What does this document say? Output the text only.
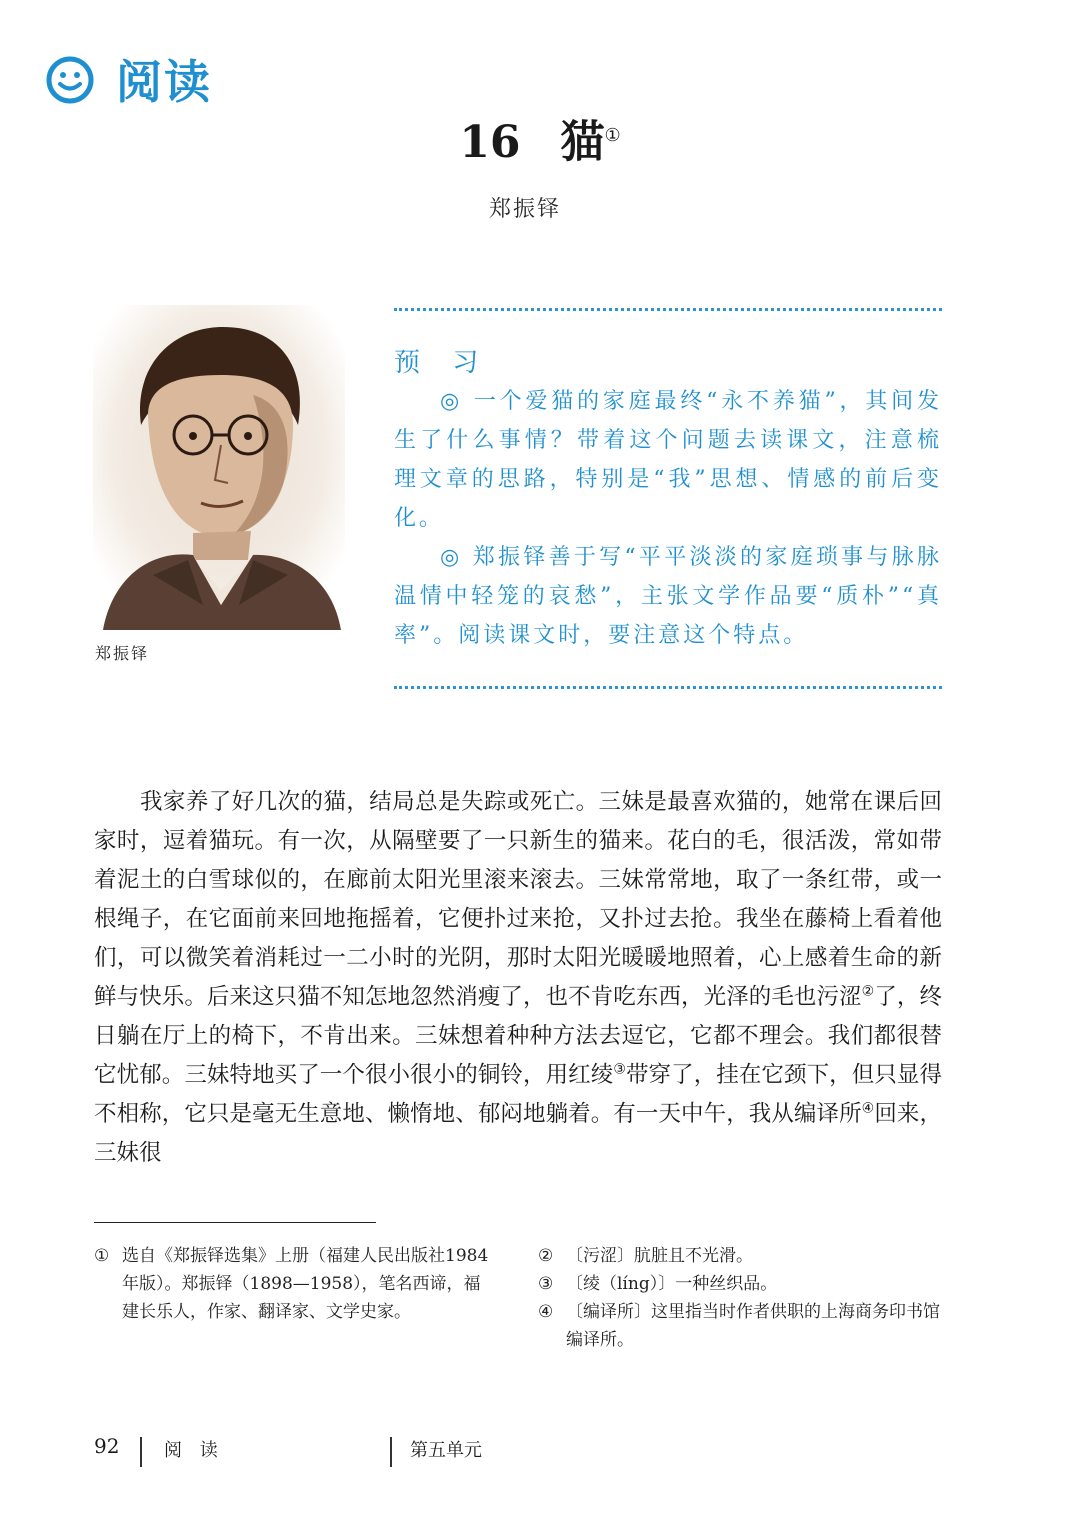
阅读
16 猫①
郑振铎
郑振铎
预 习

◎ 一个爱猫的家庭最终“永不养猫”，其间发生了什么事情？带着这个问题去读课文，注意梳理文章的思路，特别是“我”思想、情感的前后变化。

◎ 郑振铎善于写“平平淡淡的家庭琐事与脉脉温情中轻笼的哀愁”，主张文学作品要“质朴”“真率”。阅读课文时，要注意这个特点。

我家养了好几次的猫，结局总是失踪或死亡。三妹是最喜欢猫的，她常在课后回家时，逗着猫玩。有一次，从隔壁要了一只新生的猫来。花白的毛，很活泼，常如带着泥土的白雪球似的，在廊前太阳光里滚来滚去。三妹常常地，取了一条红带，或一根绳子，在它面前来回地拖摇着，它便扑过来抢，又扑过去抢。我坐在藤椅上看着他们，可以微笑着消耗过一二小时的光阴，那时太阳光暖暖地照着，心上感着生命的新鲜与快乐。后来这只猫不知怎地忽然消瘦了，也不肯吃东西，光泽的毛也污涩②了，终日躺在厅上的椅下，不肯出来。三妹想着种种方法去逗它，它都不理会。我们都很替它忧郁。三妹特地买了一个很小很小的铜铃，用红绫③带穿了，挂在它颈下，但只显得不相称，它只是毫无生意地、懒惰地、郁闷地躺着。有一天中午，我从编译所④回来，三妹很

① 选自《郑振铎选集》上册（福建人民出版社1984年版）。郑振铎（1898—1958），笔名西谛，福建长乐人，作家、翻译家、文学史家。
② 〔污涩〕肮脏且不光滑。
③ 〔绫（líng）〕一种丝织品。
④ 〔编译所〕这里指当时作者供职的上海商务印书馆编译所。
92 阅 读	第五单元
